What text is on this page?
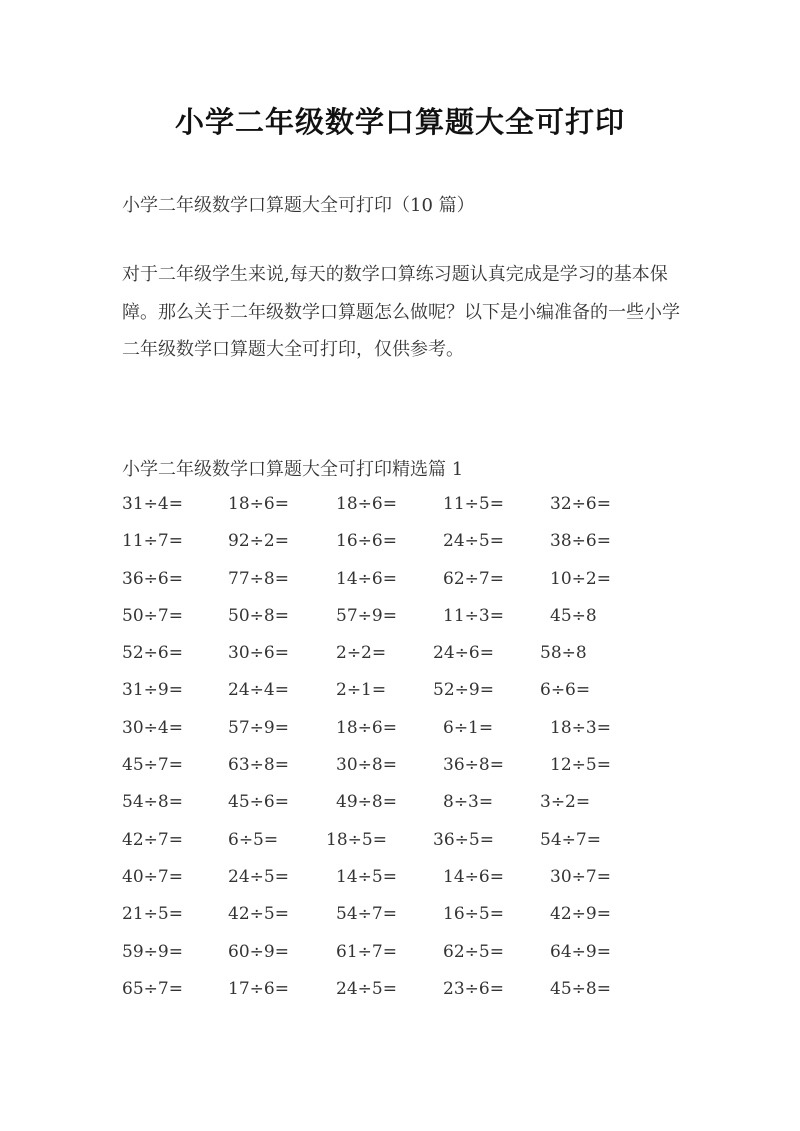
小学二年级数学口算题大全可打印

小学二年级数学口算题大全可打印（10 篇）

对于二年级学生来说,每天的数学口算练习题认真完成是学习的基本保障。那么关于二年级数学口算题怎么做呢？以下是小编准备的一些小学二年级数学口算题大全可打印，仅供参考。

小学二年级数学口算题大全可打印精选篇 1

31÷4=	18÷6=	18÷6=	11÷5=	32÷6=
11÷7=	92÷2=	16÷6=	24÷5=	38÷6=
36÷6=	77÷8=	14÷6=	62÷7=	10÷2=
50÷7=	50÷8=	57÷9=	11÷3=	45÷8
52÷6=	30÷6=	2÷2=	24÷6=	58÷8
31÷9=	24÷4=	2÷1=	52÷9=	6÷6=
30÷4=	57÷9=	18÷6=	6÷1=	18÷3=
45÷7=	63÷8=	30÷8=	36÷8=	12÷5=
54÷8=	45÷6=	49÷8=	8÷3=	3÷2=
42÷7=	6÷5=	18÷5=	36÷5=	54÷7=
40÷7=	24÷5=	14÷5=	14÷6=	30÷7=
21÷5=	42÷5=	54÷7=	16÷5=	42÷9=
59÷9=	60÷9=	61÷7=	62÷5=	64÷9=
65÷7=	17÷6=	24÷5=	23÷6=	45÷8=
